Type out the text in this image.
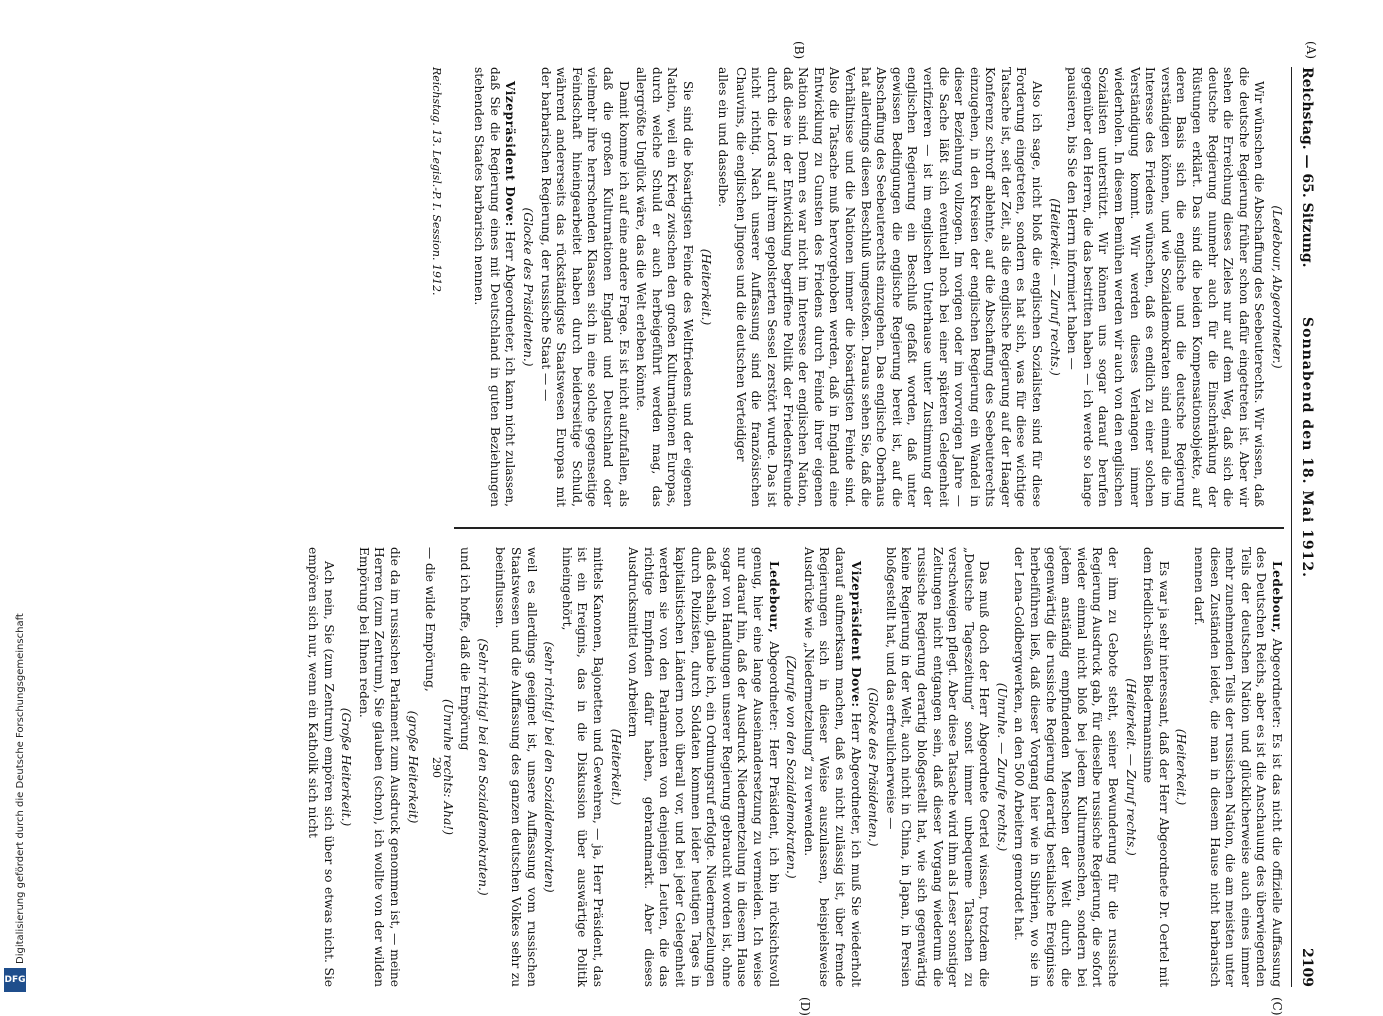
Digitalisierung gefördert durch die Deutsche Forschungsgemeinschaft
DFG
Reichstag. — 65. Sitzung.
Sonnabend den 18. Mai 1912.
2109
(A)
(B)
(C)
(D)

(Ledebour, Abgeordneter.)

Wir wünschen die Abschaffung des Seebeuterechts. Wir wissen, daß die deutsche Regierung früher schon dafür eingetreten ist. Aber wir sehen die Erreichung dieses Zieles nur auf dem Weg, daß sich die deutsche Regierung nunmehr auch für die Einschränkung der Rüstungen erklärt. Das sind die beiden Kompensationsobjekte, auf deren Basis sich die englische und die deutsche Regierung verständigen können, und wie Sozialdemokraten sind einmal die im Interesse des Friedens wünschen, daß es endlich zu einer solchen Verständigung kommt. Wir werden dieses Verlangen immer wiederholen. In diesem Bemühen werden wir auch von den englischen Sozialisten unterstützt. Wir können uns sogar darauf berufen gegenüber den Herren, die das bestritten haben — ich werde so lange pausieren, bis Sie den Herrn informiert haben —

(Heiterkeit. — Zuruf rechts.)

Also ich sage, nicht bloß die englischen Sozialisten sind für diese Forderung eingetreten, sondern es hat sich, was für diese wichtige Tatsache ist, seit der Zeit, als die englische Regierung auf der Haager Konferenz schroff ablehnte, auf die Abschaffung des Seebeuterechts einzugehen, in den Kreisen der englischen Regierung ein Wandel in dieser Beziehung vollzogen. Im vorigen oder im vorvorigen Jahre — die Sache läßt sich eventuell noch bei einer späteren Gelegenheit verifizieren — ist im englischen Unterhause unter Zustimmung der englischen Regierung ein Beschluß gefaßt worden, daß unter gewissen Bedingungen die englische Regierung bereit ist, auf die Abschaffung des Seebeuterechts einzugehen. Das englische Oberhaus hat allerdings diesen Beschluß umgestoßen. Daraus sehen Sie, daß die Verhältnisse und die Nationen immer die bösartigsten Feinde sind. Also die Tatsache muß hervorgehoben werden, daß in England eine Entwicklung zu Gunsten des Friedens durch Feinde ihrer eigenen Nation sind. Denn es war nicht im Interesse der englischen Nation, daß diese in der Entwicklung begriffene Politik der Friedensfreunde durch die Lords auf ihrem gepolsterten Sessel zerstört wurde. Das ist nicht richtig. Nach unserer Auffassung sind die französischen Chauvins, die englischen Jingoes und die deutschen Verteidiger

alles ein und dasselbe.

(Heiterkeit.)

Sie sind die bösartigsten Feinde des Weltfriedens und der eigenen Nation, weil ein Krieg zwischen den großen Kulturnationen Europas, durch welche Schuld er auch herbeigeführt werden mag, das allergrößte Unglück wäre, das die Welt erleben könnte.

Damit komme ich auf eine andere Frage. Es ist nicht aufzufallen, als daß die großen Kulturnationen England und Deutschland oder vielmehr ihre herrschenden Klassen sich in eine solche gegenseitige Feindschaft hineingearbeitet haben durch beiderseitige Schuld, während andererseits das rückständigste Staatswesen Europas mit der barbarischen Regierung, der russische Staat — —

(Glocke des Präsidenten.)

Vizepräsident Dove: Herr Abgeordneter, ich kann nicht zulassen, daß Sie die Regierung eines mit Deutschland in guten Beziehungen stehenden Staates barbarisch nennen.

Ledebour, Abgeordneter: Es ist das nicht die offizielle Auffassung des Deutschen Reichs, aber es ist die Anschauung des überwiegenden Teils der deutschen Nation und glücklicherweise auch eines immer mehr zunehmenden Teils der russischen Nation, die am meisten unter diesen Zuständen leidet, die man in diesem Hause nicht barbarisch nennen darf.

(Heiterkeit.)

Es war ja sehr interessant, daß der Herr Abgeordnete Dr. Oertel mit dem friedlich-süßen Biedermannsinne

(Heiterkeit. — Zuruf rechts.)

der ihm zu Gebote steht, seiner Bewunderung für die russische Regierung Ausdruck gab, für dieselbe russische Regierung, die sofort wieder einmal nicht bloß bei jedem Kulturmenschen, sondern bei jedem anständig empfindenden Menschen der Welt durch die gegenwärtig die russische Regierung derartig bestialische Ereignisse herbeiführen ließ, daß dieser Vorgang hier wie in Sibirien, wo sie in der Lena-Goldbergwerken, an den 500 Arbeitern gemordet hat.

(Unruhe. — Zurufe rechts.)

Das muß doch der Herr Abgeordnete Oertel wissen, trotzdem die „Deutsche Tageszeitung“ sonst immer unbequeme Tatsachen zu verschweigen pflegt. Aber diese Tatsache wird ihm als Leser sonstiger Zeitungen nicht entgangen sein, daß dieser Vorgang wiederum die russische Regierung derartig bloßgestellt hat, wie sich gegenwärtig keine Regierung in der Welt, auch nicht in China, in Japan, in Persien bloßgestellt hat, und das erfreulicherweise —

(Glocke des Präsidenten.)

Vizepräsident Dove: Herr Abgeordneter, ich muß Sie wiederholt darauf aufmerksam machen, daß es nicht zulässig ist, über fremde Regierungen sich in dieser Weise auszulassen, beispielsweise Ausdrücke wie „Niedermetzelung“ zu verwenden.

(Zurufe von den Sozialdemokraten.)

Ledebour, Abgeordneter: Herr Präsident, ich bin rücksichtsvoll genug, hier eine lange Auseinandersetzung zu vermeiden. Ich weise nur darauf hin, daß der Ausdruck Niedermetzelung in diesem Hause sogar von Handlungen unserer Regierung gebraucht worden ist, ohne daß deshalb, glaube ich, ein Ordnungsruf erfolgte. Niedermetzelungen durch Polizisten, durch Soldaten kommen leider heutigen Tages in kapitalistischen Ländern noch überall vor, und bei jeder Gelegenheit werden sie von den Parlamenten von denjenigen Leuten, die das richtige Empfinden dafür haben, gebrandmarkt. Aber dieses Ausdrucksmittel von Arbeitern

(Heiterkeit.)

mittels Kanonen, Bajonetten und Gewehren, — ja, Herr Präsident, das ist ein Ereignis, das in die Diskussion über auswärtige Politik hineingehört,

(sehr richtig! bei den Sozialdemokraten)

weil es allerdings geeignet ist, unsere Auffassung vom russischen Staatswesen und die Auffassung des ganzen deutschen Volkes sehr zu beeinflussen.

(Sehr richtig! bei den Sozialdemokraten.)

und ich hoffe, daß die Empörung

(Unruhe rechts: Aha!)

— die wilde Empörung,

(große Heiterkeit)

die da im russischen Parlament zum Ausdruck genommen ist, — meine Herren (zum Zentrum), Sie glauben (schon), ich wollte von der wilden Empörung bei Ihnen reden.

(Große Heiterkeit.)

Ach nein, Sie (zum Zentrum) empören sich über so etwas nicht. Sie empören sich nur, wenn ein Katholik sich nicht

Reichstag. 13. Legisl.-P. I. Session. 1912.
290
